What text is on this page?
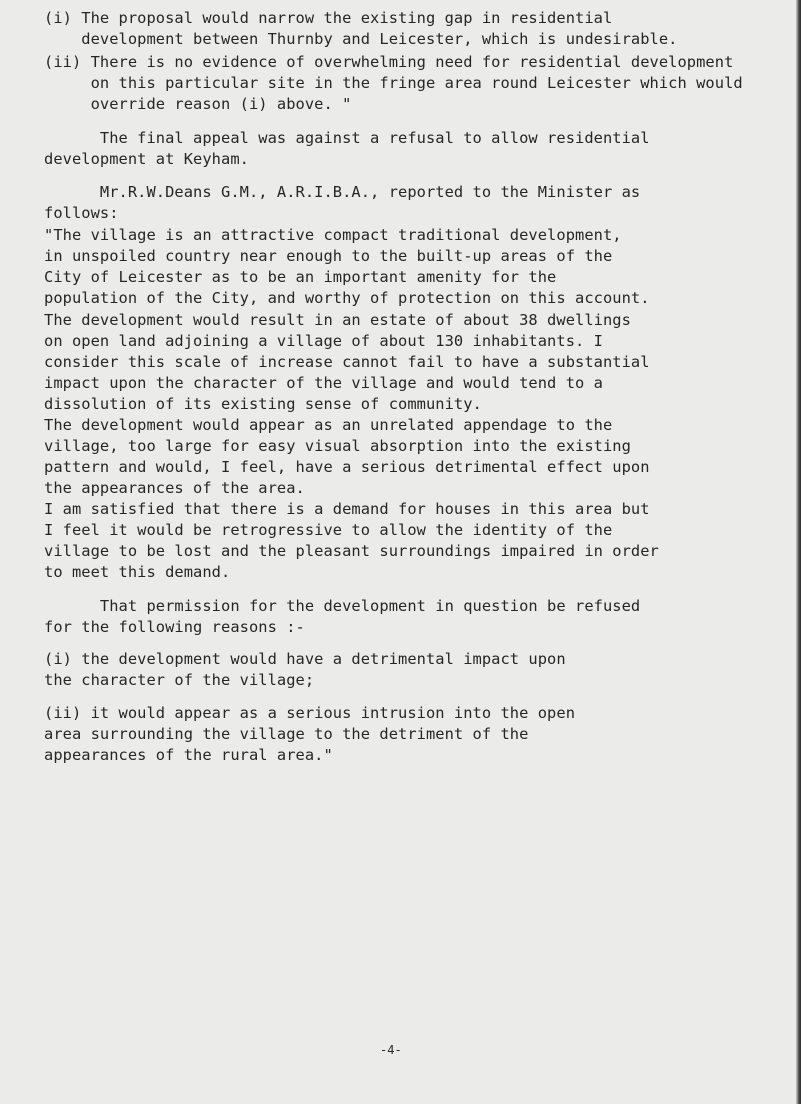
(i) The proposal would narrow the existing gap in residential
development between Thurnby and Leicester, which is undesirable.
(ii) There is no evidence of overwhelming need for residential development
on this particular site in the fringe area round Leicester which would
override reason (i) above. "
The final appeal was against a refusal to allow residential
development at Keyham.
Mr.R.W.Deans G.M., A.R.I.B.A., reported to the Minister as
follows:
"The village is an attractive compact traditional development,
in unspoiled country near enough to the built-up areas of the
City of Leicester as to be an important amenity for the
population of the City, and worthy of protection on this account.
The development would result in an estate of about 38 dwellings
on open land adjoining a village of about 130 inhabitants. I
consider this scale of increase cannot fail to have a substantial
impact upon the character of the village and would tend to a
dissolution of its existing sense of community.
The development would appear as an unrelated appendage to the
village, too large for easy visual absorption into the existing
pattern and would, I feel, have a serious detrimental effect upon
the appearances of the area.
I am satisfied that there is a demand for houses in this area but
I feel it would be retrogressive to allow the identity of the
village to be lost and the pleasant surroundings impaired in order
to meet this demand.
That permission for the development in question be refused
for the following reasons :-
(i) the development would have a detrimental impact upon
the character of the village;
(ii) it would appear as a serious intrusion into the open
area surrounding the village to the detriment of the
appearances of the rural area."
-4-
